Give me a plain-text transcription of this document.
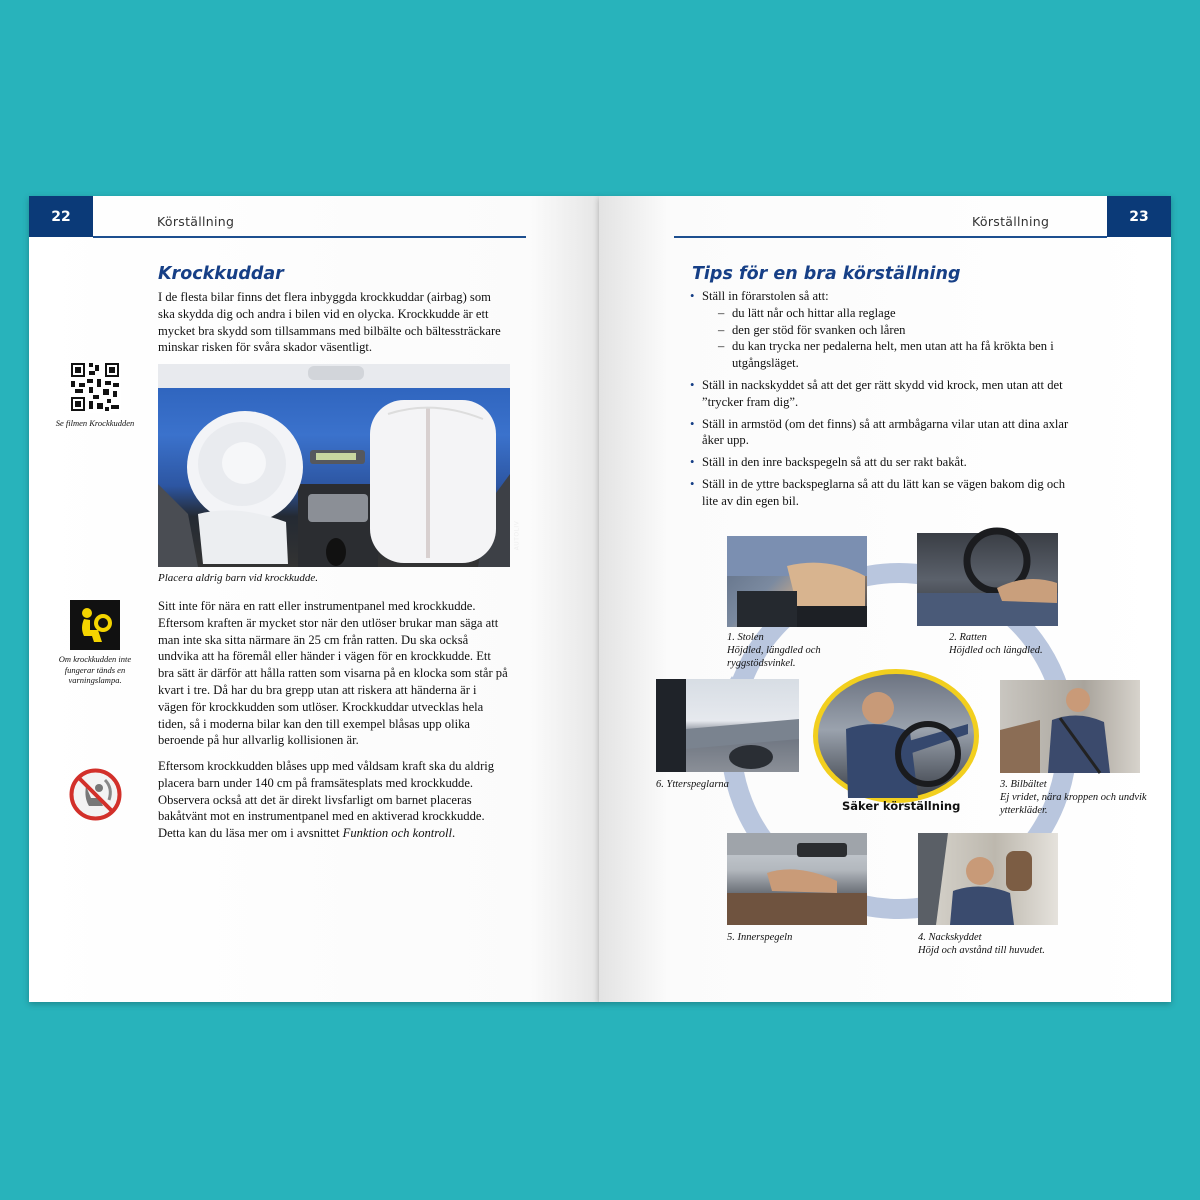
22	Körställning
Krockkuddar

I de flesta bilar finns det flera inbyggda krockkuddar (airbag) som ska skydda dig och andra i bilen vid en olycka. Krockkudde är ett mycket bra skydd som tillsammans med bilbälte och bältessträckare minskar risken för svåra skador väsentligt.

Se filmen Krockkudden
AUTOLIV
Placera aldrig barn vid krockkudde.
Om krockkudden inte fungerar tänds en varningslampa.

Sitt inte för nära en ratt eller instrumentpanel med krockkudde. Eftersom kraften är mycket stor när den utlöser brukar man säga att man inte ska sitta närmare än 25 cm från ratten. Du ska också undvika att ha föremål eller händer i vägen för en krockkudde. Ett bra sätt är därför att hålla ratten som visarna på en klocka som står på kvart i tre. Då har du bra grepp utan att riskera att händerna är i vägen för krockkudden som utlöser. Krockkuddar utvecklas hela tiden, så i moderna bilar kan den till exempel blåsas upp olika beroende på hur allvarlig kollisionen är.

Eftersom krockkudden blåses upp med våldsam kraft ska du aldrig placera barn under 140 cm på framsätesplats med krockkudde. Observera också att det är direkt livsfarligt om barnet placeras bakåtvänt mot en instrumentpanel med en aktiverad krockkudde. Detta kan du läsa mer om i avsnittet Funktion och kontroll.

23
Körställning
Tips för en bra körställning
• Ställ in förarstolen så att:
– du lätt når och hittar alla reglage
– den ger stöd för svanken och låren
– du kan trycka ner pedalerna helt, men utan att ha få krökta ben i utgångsläget.
• Ställ in nackskyddet så att det ger rätt skydd vid krock, men utan att det ”trycker fram dig”.
• Ställ in armstöd (om det finns) så att armbågarna vilar utan att dina axlar åker upp.
• Ställ in den inre backspegeln så att du ser rakt bakåt.
• Ställ in de yttre backspeglarna så att du lätt kan se vägen bakom dig och lite av din egen bil.
1. Stolen
Höjdled, längdled och ryggstödsvinkel.
2. Ratten
Höjdled och längdled.
6. Ytterspeglarna
Säker körställning
3. Bilbältet
Ej vridet, nära kroppen och undvik ytterkläder.
5. Innerspegeln	4. Nackskyddet
Höjd och avstånd till huvudet.
